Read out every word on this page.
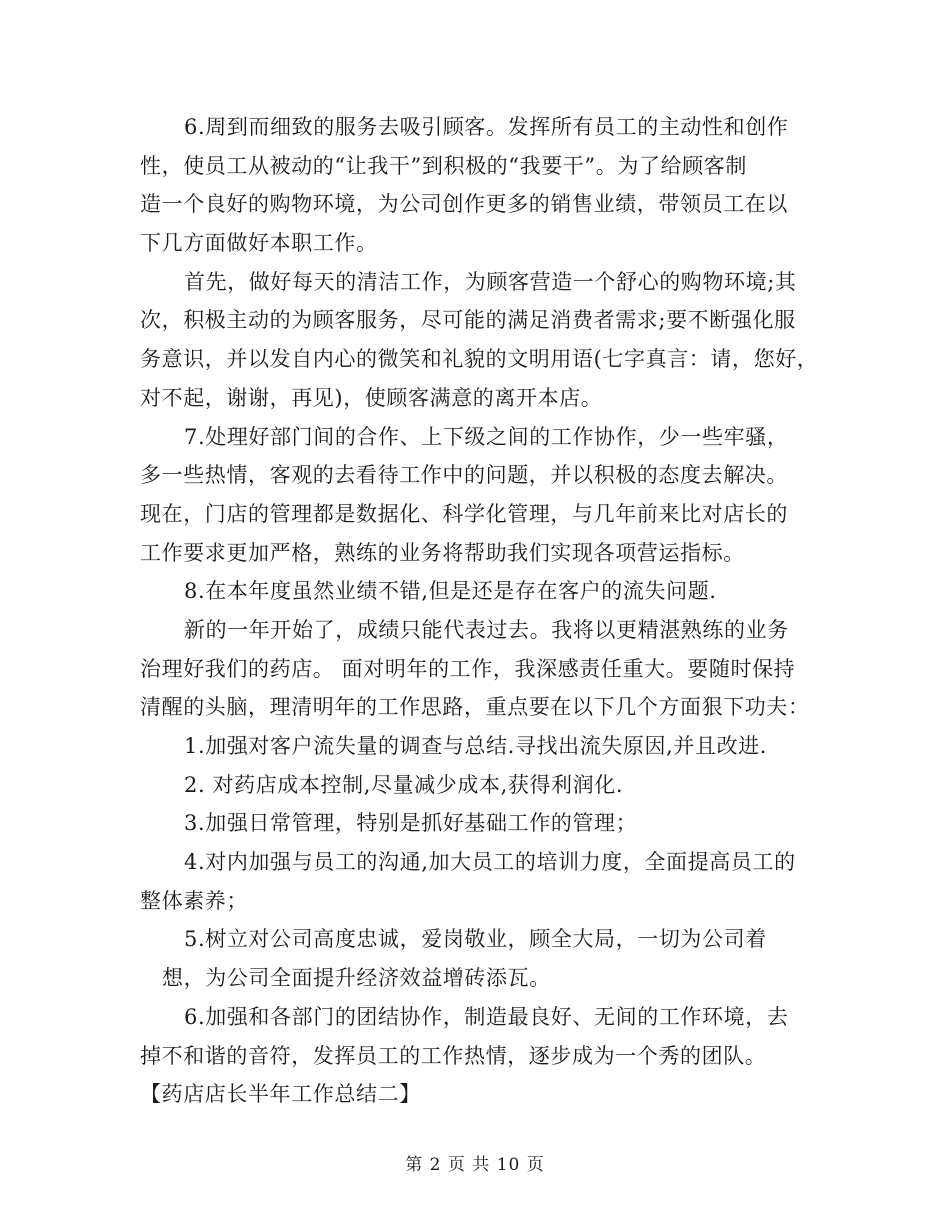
6.周到而细致的服务去吸引顾客。发挥所有员工的主动性和创作
性，使员工从被动的“让我干”到积极的“我要干”。为了给顾客制
造一个良好的购物环境，为公司创作更多的销售业绩，带领员工在以
下几方面做好本职工作。
首先，做好每天的清洁工作，为顾客营造一个舒心的购物环境;其
次，积极主动的为顾客服务，尽可能的满足消费者需求;要不断强化服
务意识，并以发自内心的微笑和礼貌的文明用语(七字真言：请，您好，
对不起，谢谢，再见)，使顾客满意的离开本店。
7.处理好部门间的合作、上下级之间的工作协作，少一些牢骚，
多一些热情，客观的去看待工作中的问题，并以积极的态度去解决。
现在，门店的管理都是数据化、科学化管理，与几年前来比对店长的
工作要求更加严格，熟练的业务将帮助我们实现各项营运指标。
8.在本年度虽然业绩不错,但是还是存在客户的流失问题.
新的一年开始了，成绩只能代表过去。我将以更精湛熟练的业务
治理好我们的药店。 面对明年的工作，我深感责任重大。要随时保持
清醒的头脑，理清明年的工作思路，重点要在以下几个方面狠下功夫：
1.加强对客户流失量的调查与总结.寻找出流失原因,并且改进.
2. 对药店成本控制,尽量减少成本,获得利润化.
3.加强日常管理，特别是抓好基础工作的管理；
4.对内加强与员工的沟通,加大员工的培训力度，全面提高员工的
整体素养；
5.树立对公司高度忠诚，爱岗敬业，顾全大局，一切为公司着
想，为公司全面提升经济效益增砖添瓦。
6.加强和各部门的团结协作，制造最良好、无间的工作环境，去
掉不和谐的音符，发挥员工的工作热情，逐步成为一个秀的团队。
【药店店长半年工作总结二】
第 2 页 共 10 页
